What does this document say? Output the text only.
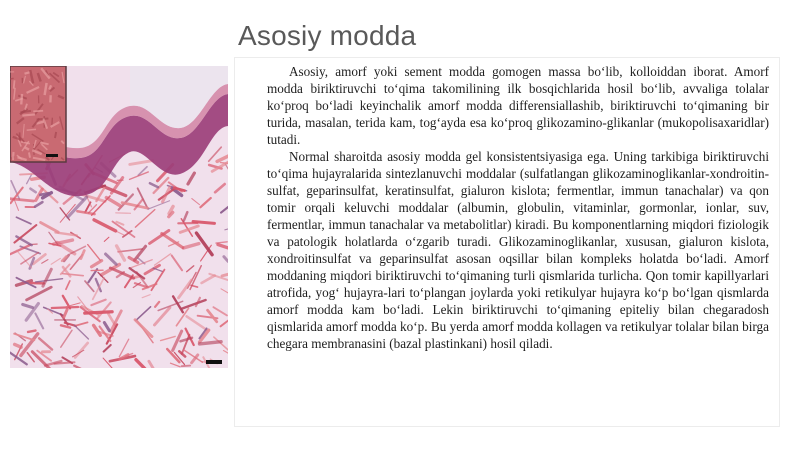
Asosiy modda

Asosiy, amorf yoki sement modda gomogen massa bo‘lib, kolloiddan iborat. Amorf modda biriktiruvchi to‘qima takomilining ilk bosqichlarida hosil bo‘lib, avvaliga tolalar ko‘proq bo‘ladi keyinchalik amorf modda differensiallashib, biriktiruvchi to‘qimaning bir turida, masalan, terida kam, tog‘ayda esa ko‘proq glikozamino-glikanlar (mukopolisaxaridlar) tutadi.

Normal sharoitda asosiy modda gel konsistentsiyasiga ega. Uning tarkibiga biriktiruvchi to‘qima hujayralarida sintezlanuvchi moddalar (sulfatlangan glikozaminoglikanlar-xondroitin-sulfat, geparinsulfat, keratinsulfat, gialuron kislota; fermentlar, immun tanachalar) va qon tomir orqali keluvchi moddalar (albumin, globulin, vitaminlar, gormonlar, ionlar, suv, fermentlar, immun tanachalar va metabolitlar) kiradi. Bu komponentlarning miqdori fiziologik va patologik holatlarda o‘zgarib turadi. Glikozaminoglikanlar, xususan, gialuron kislota, xondroitinsulfat va geparinsulfat asosan oqsillar bilan kompleks holatda bo‘ladi. Amorf moddaning miqdori biriktiruvchi to‘qimaning turli qismlarida turlicha. Qon tomir kapillyarlari atrofida, yog‘ hujayra-lari to‘plangan joylarda yoki retikulyar hujayra ko‘p bo‘lgan qismlarda amorf modda kam bo‘ladi. Lekin biriktiruvchi to‘qimaning epiteliy bilan chegaradosh qismlarida amorf modda ko‘p. Bu yerda amorf modda kollagen va retikulyar tolalar bilan birga chegara membranasini (bazal plastinkani) hosil qiladi.
